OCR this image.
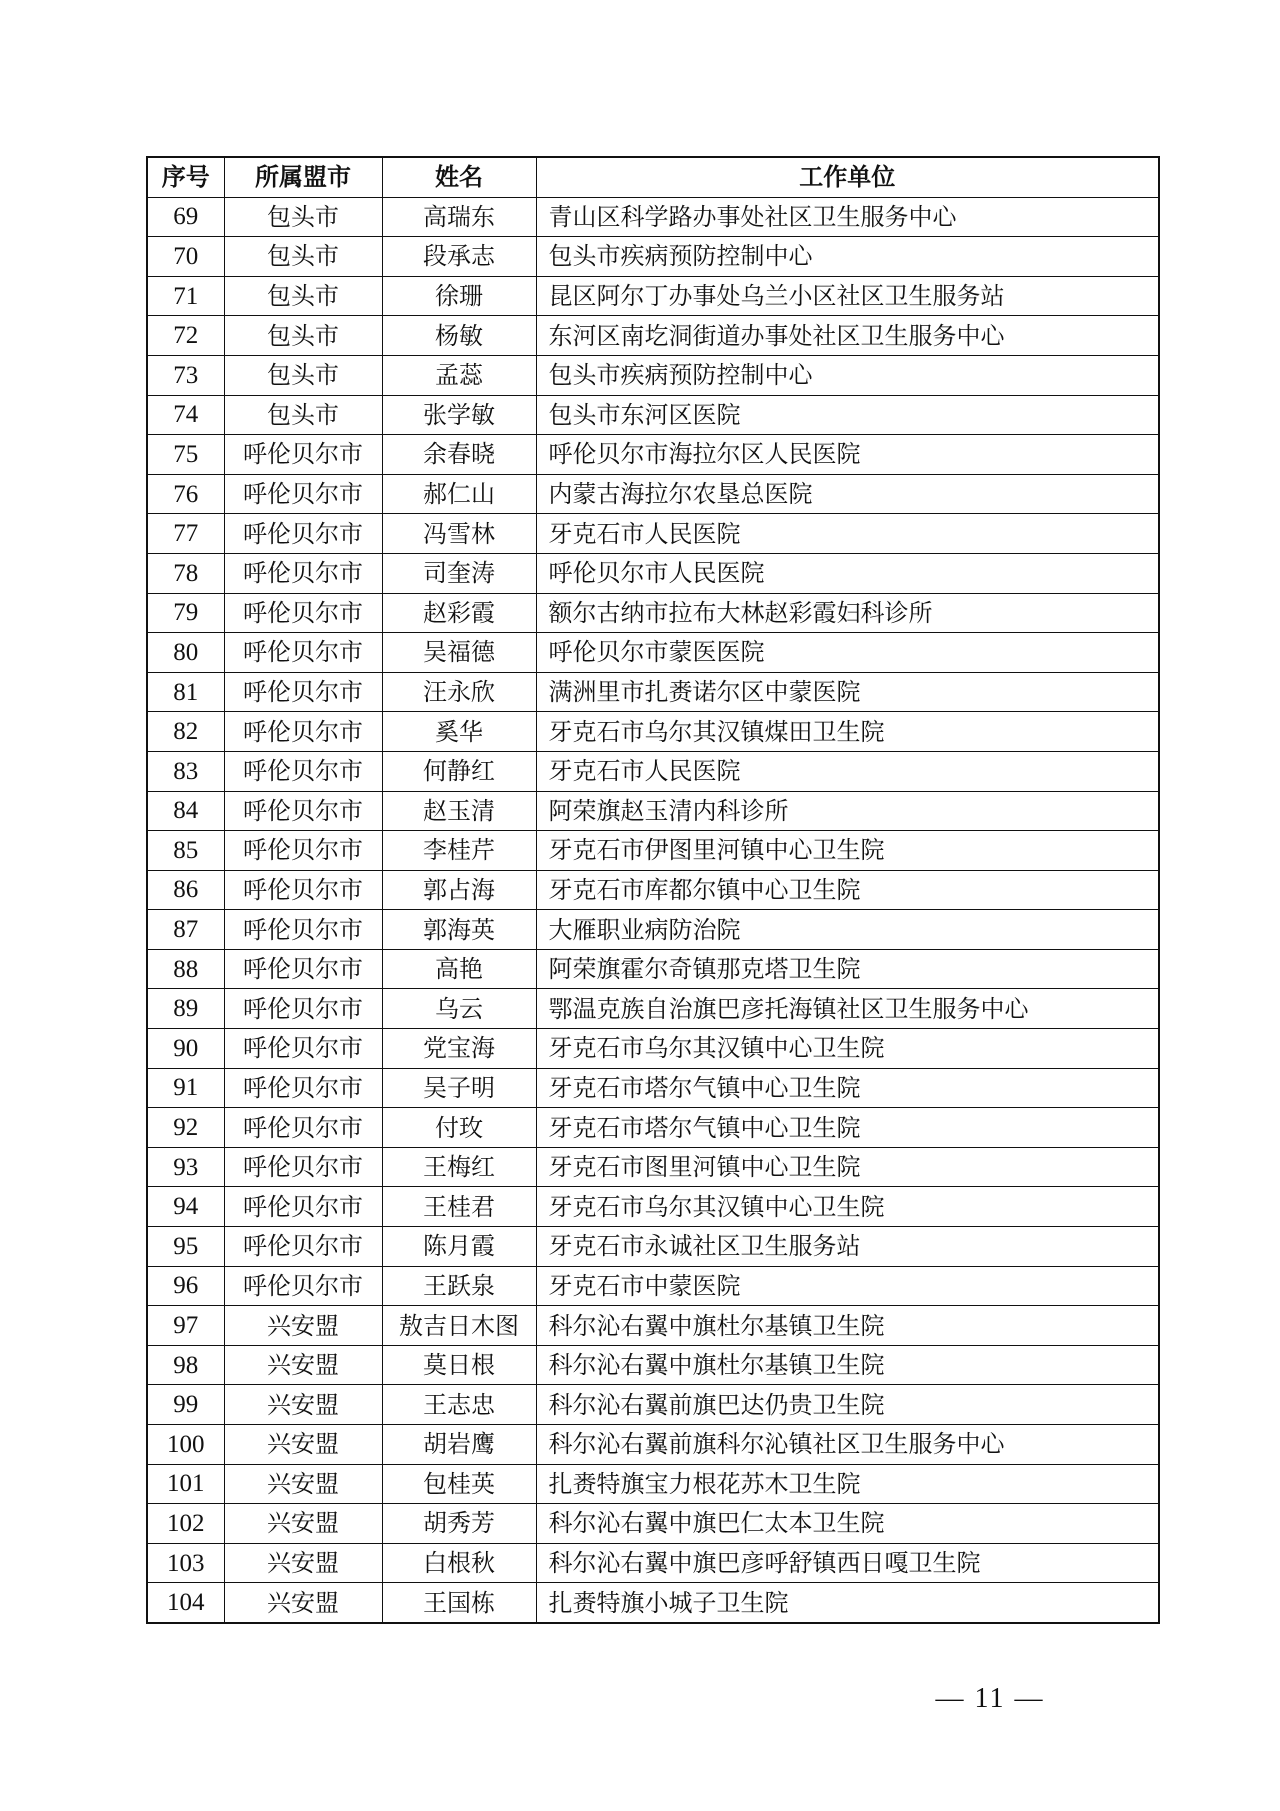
序号	所属盟市	姓名	工作单位
69	包头市	高瑞东	青山区科学路办事处社区卫生服务中心
70	包头市	段承志	包头市疾病预防控制中心
71	包头市	徐珊	昆区阿尔丁办事处乌兰小区社区卫生服务站
72	包头市	杨敏	东河区南圪洞街道办事处社区卫生服务中心
73	包头市	孟蕊	包头市疾病预防控制中心
74	包头市	张学敏	包头市东河区医院
75	呼伦贝尔市	余春晓	呼伦贝尔市海拉尔区人民医院
76	呼伦贝尔市	郝仁山	内蒙古海拉尔农垦总医院
77	呼伦贝尔市	冯雪林	牙克石市人民医院
78	呼伦贝尔市	司奎涛	呼伦贝尔市人民医院
79	呼伦贝尔市	赵彩霞	额尔古纳市拉布大林赵彩霞妇科诊所
80	呼伦贝尔市	吴福德	呼伦贝尔市蒙医医院
81	呼伦贝尔市	汪永欣	满洲里市扎赉诺尔区中蒙医院
82	呼伦贝尔市	奚华	牙克石市乌尔其汉镇煤田卫生院
83	呼伦贝尔市	何静红	牙克石市人民医院
84	呼伦贝尔市	赵玉清	阿荣旗赵玉清内科诊所
85	呼伦贝尔市	李桂芹	牙克石市伊图里河镇中心卫生院
86	呼伦贝尔市	郭占海	牙克石市库都尔镇中心卫生院
87	呼伦贝尔市	郭海英	大雁职业病防治院
88	呼伦贝尔市	高艳	阿荣旗霍尔奇镇那克塔卫生院
89	呼伦贝尔市	乌云	鄂温克族自治旗巴彦托海镇社区卫生服务中心
90	呼伦贝尔市	党宝海	牙克石市乌尔其汉镇中心卫生院
91	呼伦贝尔市	吴子明	牙克石市塔尔气镇中心卫生院
92	呼伦贝尔市	付玫	牙克石市塔尔气镇中心卫生院
93	呼伦贝尔市	王梅红	牙克石市图里河镇中心卫生院
94	呼伦贝尔市	王桂君	牙克石市乌尔其汉镇中心卫生院
95	呼伦贝尔市	陈月霞	牙克石市永诚社区卫生服务站
96	呼伦贝尔市	王跃泉	牙克石市中蒙医院
97	兴安盟	敖吉日木图	科尔沁右翼中旗杜尔基镇卫生院
98	兴安盟	莫日根	科尔沁右翼中旗杜尔基镇卫生院
99	兴安盟	王志忠	科尔沁右翼前旗巴达仍贵卫生院
100	兴安盟	胡岩鹰	科尔沁右翼前旗科尔沁镇社区卫生服务中心
101	兴安盟	包桂英	扎赉特旗宝力根花苏木卫生院
102	兴安盟	胡秀芳	科尔沁右翼中旗巴仁太本卫生院
103	兴安盟	白根秋	科尔沁右翼中旗巴彦呼舒镇西日嘎卫生院
104	兴安盟	王国栋	扎赉特旗小城子卫生院
— 11 —
